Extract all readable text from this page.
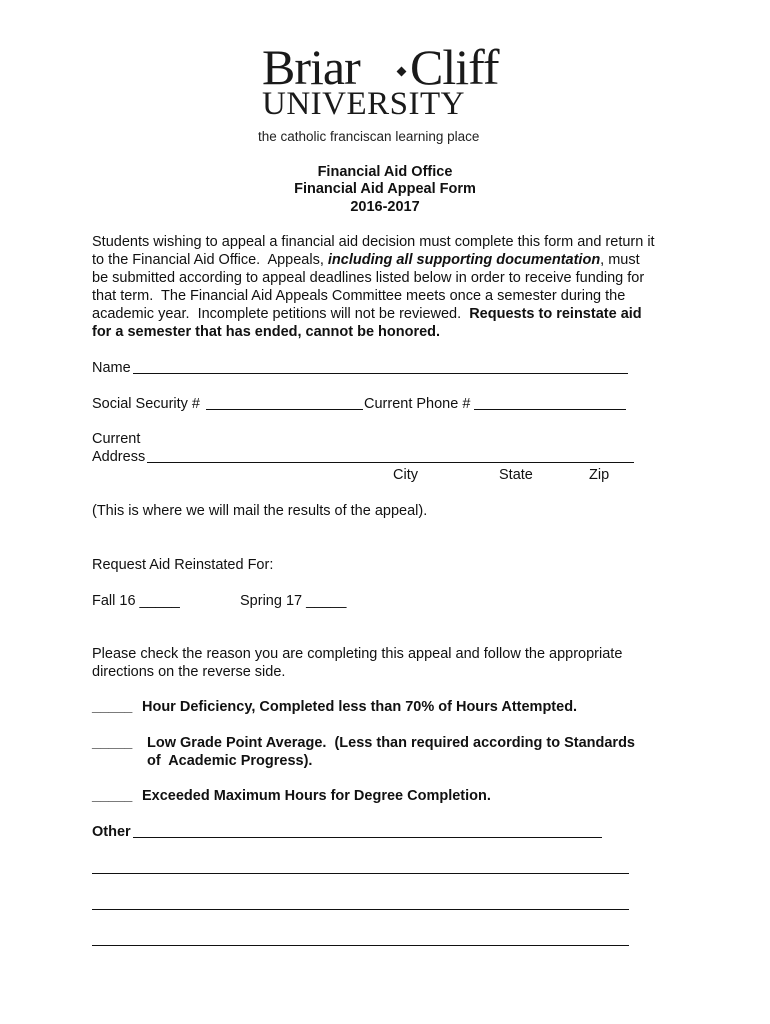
Briar Cliff
UNIVERSITY
the catholic franciscan learning place
Financial Aid Office
Financial Aid Appeal Form
2016-2017
Students wishing to appeal a financial aid decision must complete this form and return it
to the Financial Aid Office.  Appeals, including all supporting documentation, must
be submitted according to appeal deadlines listed below in order to receive funding for
that term.  The Financial Aid Appeals Committee meets once a semester during the
academic year.  Incomplete petitions will not be reviewed.  Requests to reinstate aid
for a semester that has ended, cannot be honored.
Name
Social Security #	Current Phone #
Current
Address
City	State	Zip
(This is where we will mail the results of the appeal).
Request Aid Reinstated For:
Fall 16 _____	Spring 17 _____
Please check the reason you are completing this appeal and follow the appropriate
directions on the reverse side.
_____ Hour Deficiency, Completed less than 70% of Hours Attempted.
_____ Low Grade Point Average.  (Less than required according to Standards
of  Academic Progress).
_____ Exceeded Maximum Hours for Degree Completion.
Other
